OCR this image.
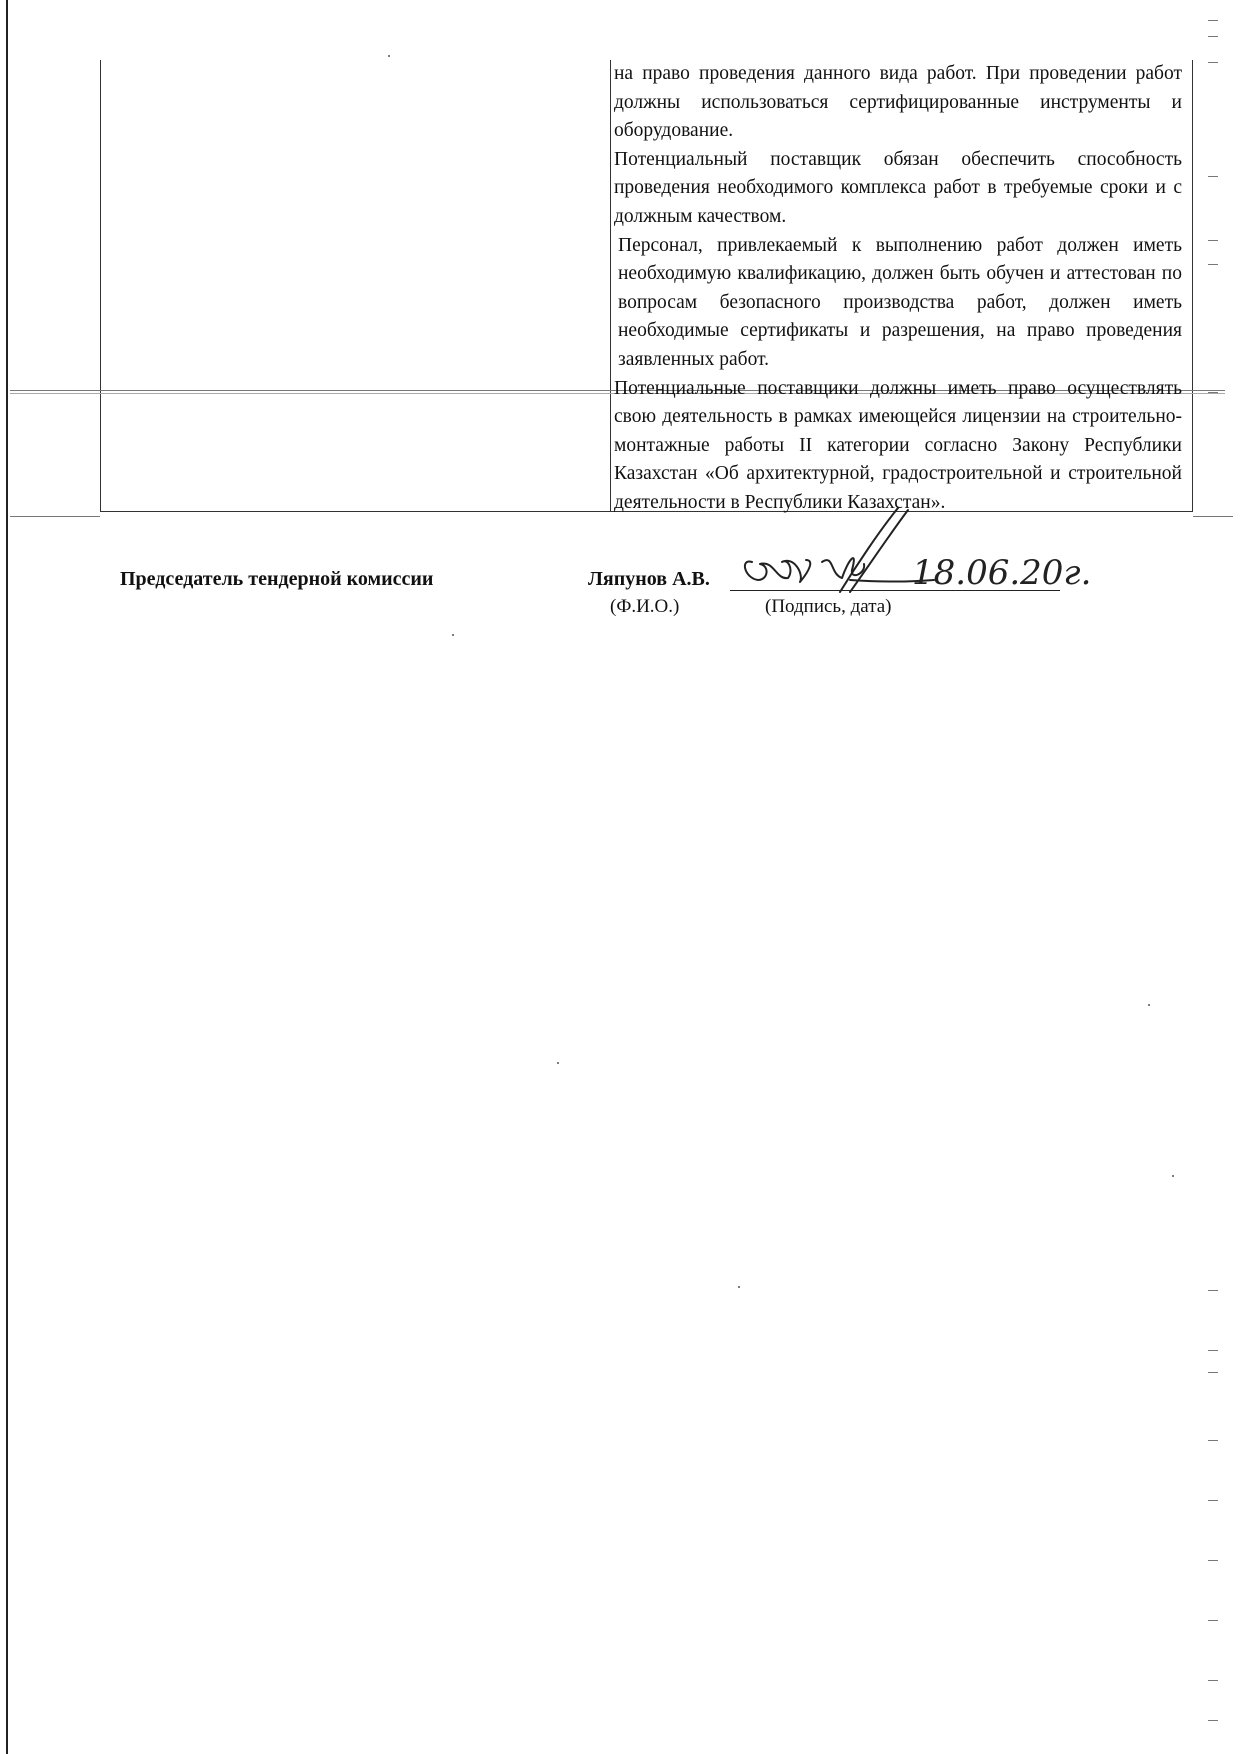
на право проведения данного вида работ. При проведении работ должны использоваться сертифицированные инструменты и оборудование.

Потенциальный поставщик обязан обеспечить способность проведения необходимого комплекса работ в требуемые сроки и с должным качеством.

Персонал, привлекаемый к выполнению работ должен иметь необходимую квалификацию, должен быть обучен и аттестован по вопросам безопасного производства работ, должен иметь необходимые сертификаты и разрешения, на право проведения заявленных работ.

Потенциальные поставщики должны иметь право осуществлять свою деятельность в рамках имеющейся лицензии на строительно-монтажные работы II категории согласно Закону Республики Казахстан «Об архитектурной, градостроительной и строительной деятельности в Республики Казахстан».

Председатель тендерной комиссии	Ляпунов А.В.
(Ф.И.О.)	(Подпись, дата)
18.06.20г.
